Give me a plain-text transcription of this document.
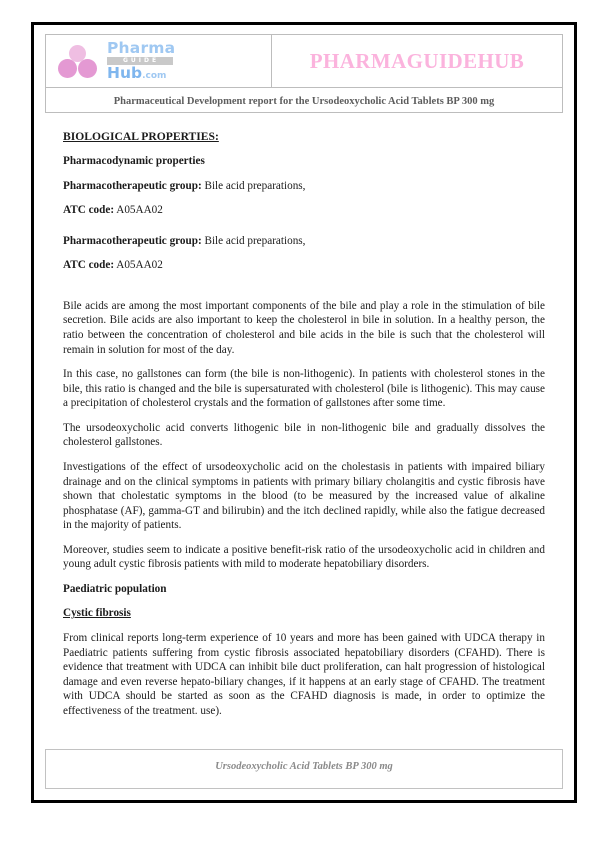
Pharma
GUIDE
Hub.com
	PHARMAGUIDEHUB
Pharmaceutical Development report for the Ursodeoxycholic Acid Tablets BP 300 mg

BIOLOGICAL PROPERTIES:

Pharmacodynamic properties

Pharmacotherapeutic group: Bile acid preparations,

ATC code: A05AA02

Pharmacotherapeutic group: Bile acid preparations,

ATC code: A05AA02

Bile acids are among the most important components of the bile and play a role in the stimulation of bile secretion. Bile acids are also important to keep the cholesterol in bile in solution. In a healthy person, the ratio between the concentration of cholesterol and bile acids in the bile is such that the cholesterol will remain in solution for most of the day.

In this case, no gallstones can form (the bile is non-lithogenic). In patients with cholesterol stones in the bile, this ratio is changed and the bile is supersaturated with cholesterol (bile is lithogenic). This may cause a precipitation of cholesterol crystals and the formation of gallstones after some time.

The ursodeoxycholic acid converts lithogenic bile in non-lithogenic bile and gradually dissolves the cholesterol gallstones.

Investigations of the effect of ursodeoxycholic acid on the cholestasis in patients with impaired biliary drainage and on the clinical symptoms in patients with primary biliary cholangitis and cystic fibrosis have shown that cholestatic symptoms in the blood (to be measured by the increased value of alkaline phosphatase (AF), gamma-GT and bilirubin) and the itch declined rapidly, while also the fatigue decreased in the majority of patients.

Moreover, studies seem to indicate a positive benefit-risk ratio of the ursodeoxycholic acid in children and young adult cystic fibrosis patients with mild to moderate hepatobiliary disorders.

Paediatric population

Cystic fibrosis

From clinical reports long-term experience of 10 years and more has been gained with UDCA therapy in Paediatric patients suffering from cystic fibrosis associated hepatobiliary disorders (CFAHD). There is evidence that treatment with UDCA can inhibit bile duct proliferation, can halt progression of histological damage and even reverse hepato-biliary changes, if it happens at an early stage of CFAHD. The treatment with UDCA should be started as soon as the CFAHD diagnosis is made, in order to optimize the effectiveness of the treatment. use).

Ursodeoxycholic Acid Tablets BP 300 mg
